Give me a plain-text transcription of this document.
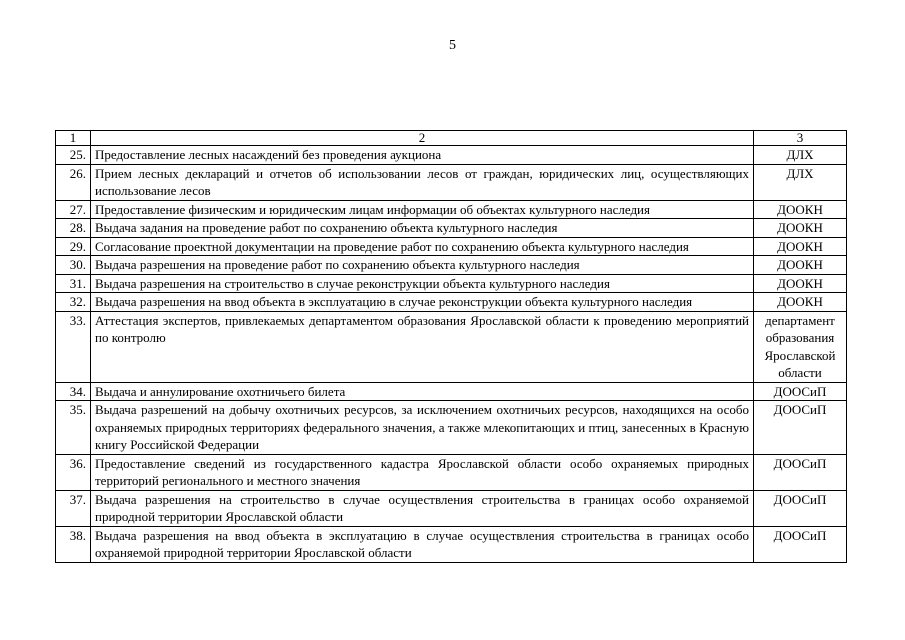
5
1	2	3
25.	Предоставление лесных насаждений без проведения аукциона	ДЛХ
26.	Прием лесных деклараций и отчетов об использовании лесов от граждан, юридических лиц, осуществляющих использование лесов	ДЛХ
27.	Предоставление физическим и юридическим лицам информации об объектах культурного наследия	ДООКН
28.	Выдача задания на проведение работ по сохранению объекта культурного наследия	ДООКН
29.	Согласование проектной документации на проведение работ по сохранению объекта культурного наследия	ДООКН
30.	Выдача разрешения на проведение работ по сохранению объекта культурного наследия	ДООКН
31.	Выдача разрешения на строительство в случае реконструкции объекта культурного наследия	ДООКН
32.	Выдача разрешения на ввод объекта в эксплуатацию в случае реконструкции объекта культурного наследия	ДООКН
33.	Аттестация экспертов, привлекаемых департаментом образования Ярославской области к проведению мероприятий по контролю	департамент образования Ярославской области
34.	Выдача и аннулирование охотничьего билета	ДООСиП
35.	Выдача разрешений на добычу охотничьих ресурсов, за исключением охотничьих ресурсов, находящихся на особо охраняемых природных территориях федерального значения, а также млекопитающих и птиц, занесенных в Красную книгу Российской Федерации	ДООСиП
36.	Предоставление сведений из государственного кадастра Ярославской области особо охраняемых природных территорий регионального и местного значения	ДООСиП
37.	Выдача разрешения на строительство в случае осуществления строительства в границах особо охраняемой природной территории Ярославской области	ДООСиП
38.	Выдача разрешения на ввод объекта в эксплуатацию в случае осуществления строительства в границах особо охраняемой природной территории Ярославской области	ДООСиП
